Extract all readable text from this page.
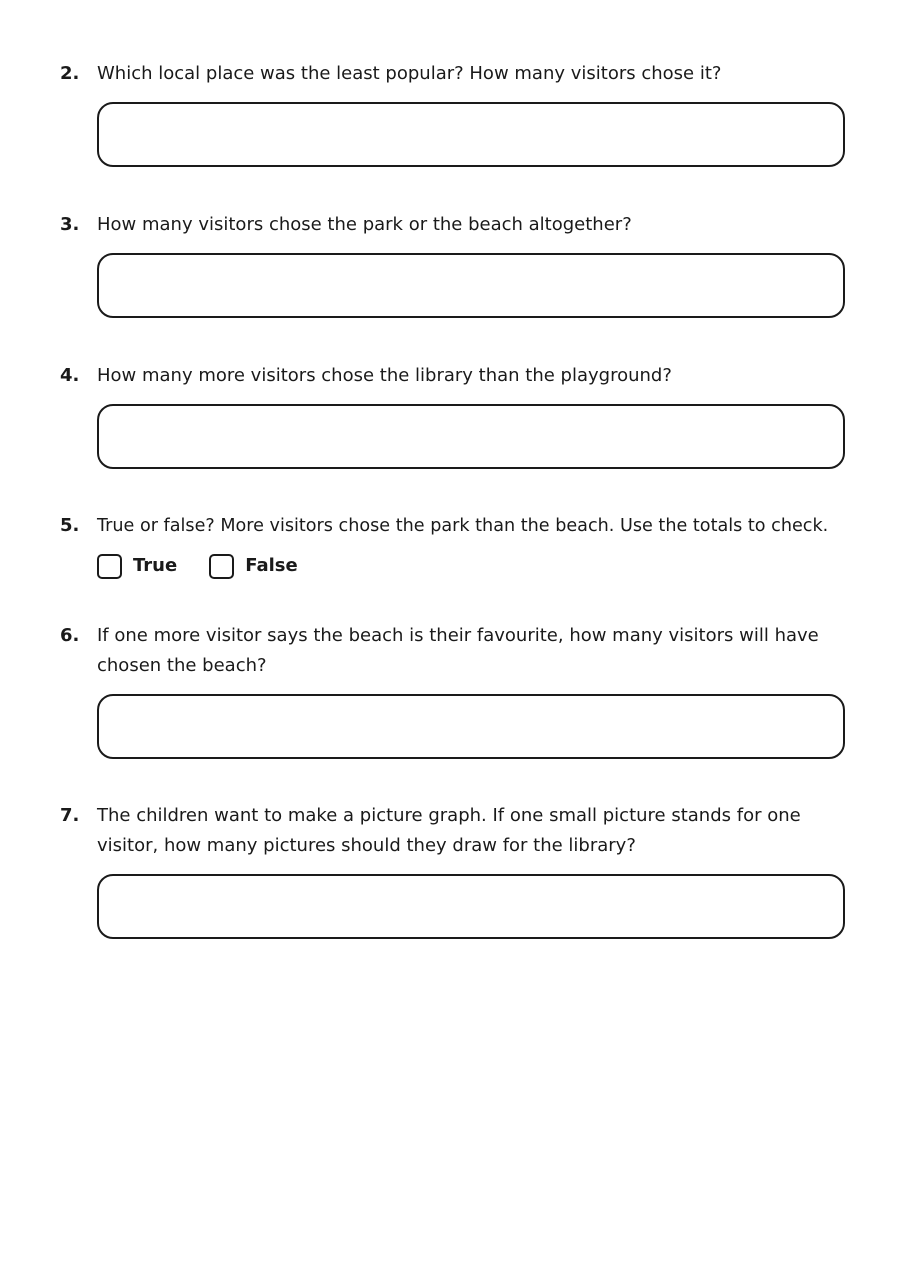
2. Which local place was the least popular? How many visitors chose it?
3. How many visitors chose the park or the beach altogether?
4. How many more visitors chose the library than the playground?
5.	True or false? More visitors chose the park than the beach. Use the totals to check.
True	False
6. If one more visitor says the beach is their favourite, how many visitors will have chosen the beach?
7. The children want to make a picture graph. If one small picture stands for one visitor, how many pictures should they draw for the library?
